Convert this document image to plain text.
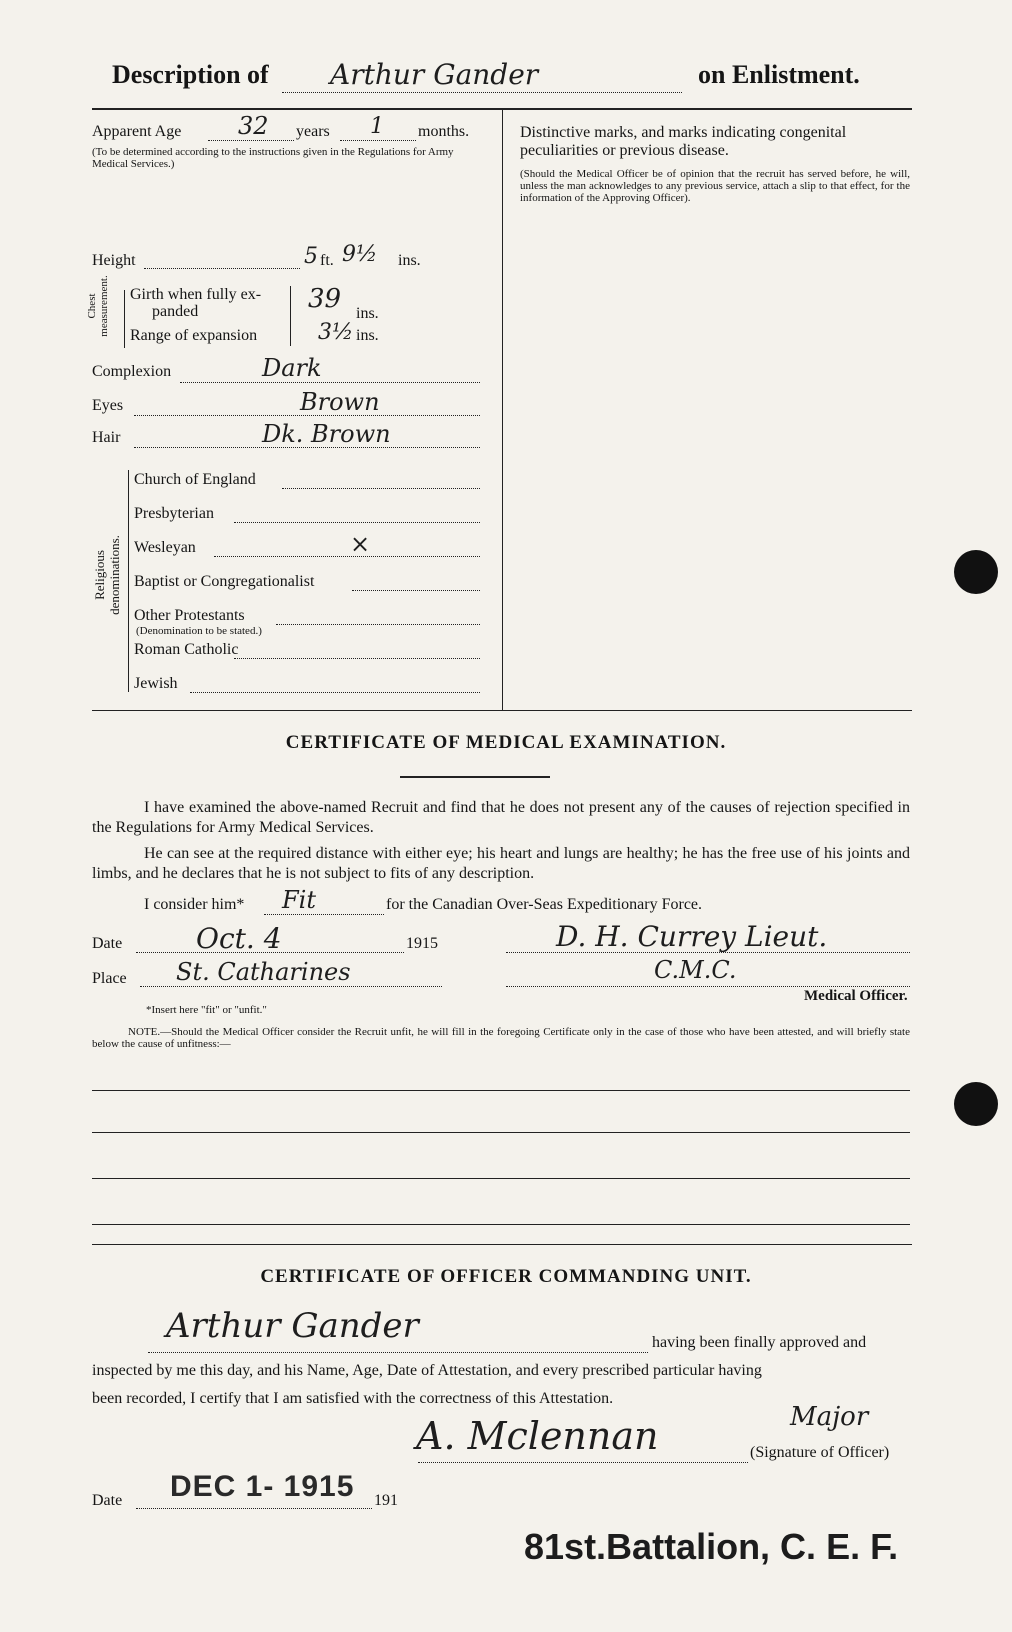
Description of Arthur Gander	on Enlistment.
Apparent Age 32 years 1 months.
(To be determined according to the instructions given in the Regulations for Army Medical Services.)
Height	5 ft. 9½ ins.
Chest measurement. Girth when fully ex-
panded	39 ins.
Range of expansion	3½ ins.
Complexion	Dark
Eyes	Brown
Hair	Dk. Brown
Religious denominations.
Church of England
Presbyterian
Wesleyan	×
Baptist or Congregationalist
Other Protestants
(Denomination to be stated.)
Roman Catholic
Jewish
Distinctive marks, and marks indicating congenital peculiarities or previous disease.
(Should the Medical Officer be of opinion that the recruit has served before, he will, unless the man acknowledges to any previous service, attach a slip to that effect, for the information of the Approving Officer).
CERTIFICATE OF MEDICAL EXAMINATION.
I have examined the above-named Recruit and find that he does not present any of the causes of rejection specified in the Regulations for Army Medical Services.
He can see at the required distance with either eye; his heart and lungs are healthy; he has the free use of his joints and limbs, and he declares that he is not subject to fits of any description.
I consider him* Fit	for the Canadian Over-Seas Expeditionary Force.
Date	Oct. 4	1915	D. H. Currey Lieut.
Place St. Catharines	C.M.C.
Medical Officer.
*Insert here "fit" or "unfit."
NOTE.—Should the Medical Officer consider the Recruit unfit, he will fill in the foregoing Certificate only in the case of those who have been attested, and will briefly state below the cause of unfitness:—
CERTIFICATE OF OFFICER COMMANDING UNIT.
Arthur Gander	having been finally approved and
inspected by me this day, and his Name, Age, Date of Attestation, and every prescribed particular having
been recorded, I certify that I am satisfied with the correctness of this Attestation.
A. Mclennan	Major
(Signature of Officer)
Date DEC 1- 1915 191
81st.Battalion, C. E. F.
